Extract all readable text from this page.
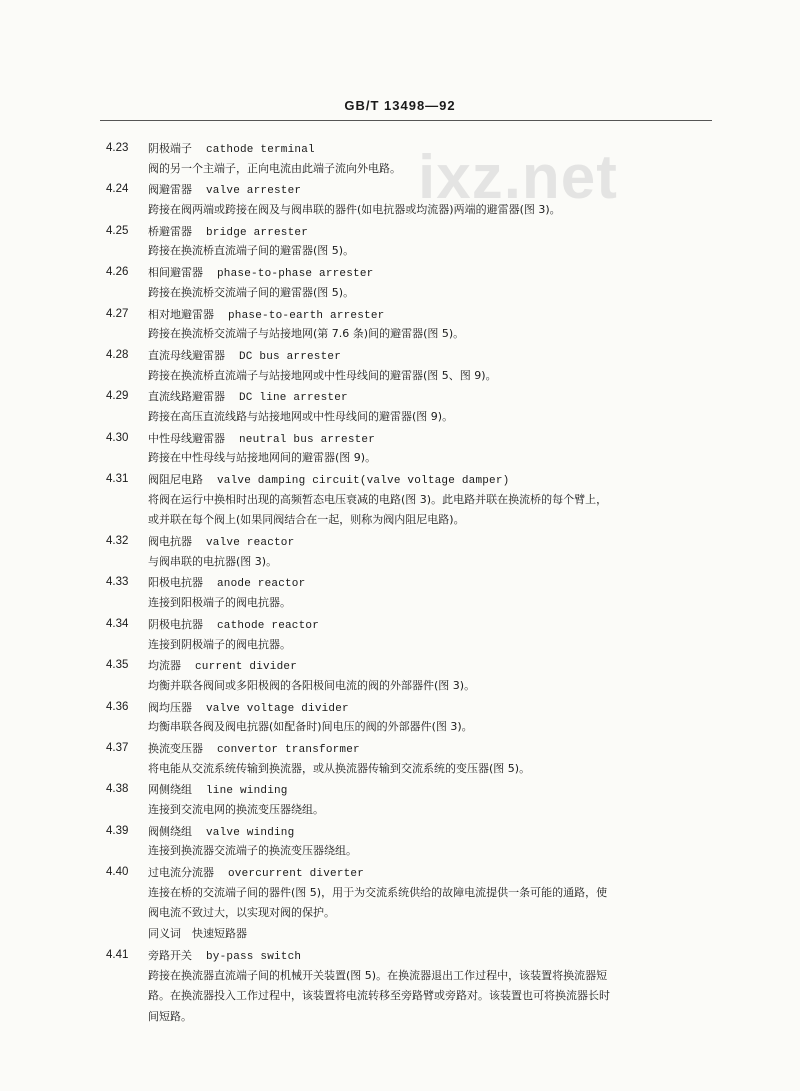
GB/T 13498—92
ixz.net
4.23 阴极端子 cathode terminal
阀的另一个主端子，正向电流由此端子流向外电路。
4.24 阀避雷器 valve arrester
跨接在阀两端或跨接在阀及与阀串联的器件(如电抗器或均流器)两端的避雷器(图 3)。
4.25 桥避雷器 bridge arrester
跨接在换流桥直流端子间的避雷器(图 5)。
4.26 相间避雷器 phase-to-phase arrester
跨接在换流桥交流端子间的避雷器(图 5)。
4.27 相对地避雷器 phase-to-earth arrester
跨接在换流桥交流端子与站接地网(第 7.6 条)间的避雷器(图 5)。
4.28 直流母线避雷器 DC bus arrester
跨接在换流桥直流端子与站接地网或中性母线间的避雷器(图 5、图 9)。
4.29 直流线路避雷器 DC line arrester
跨接在高压直流线路与站接地网或中性母线间的避雷器(图 9)。
4.30 中性母线避雷器 neutral bus arrester
跨接在中性母线与站接地网间的避雷器(图 9)。
4.31 阀阻尼电路 valve damping circuit(valve voltage damper)
将阀在运行中换相时出现的高频暂态电压衰减的电路(图 3)。此电路并联在换流桥的每个臂上，
或并联在每个阀上(如果同阀结合在一起，则称为阀内阻尼电路)。
4.32 阀电抗器 valve reactor
与阀串联的电抗器(图 3)。
4.33 阳极电抗器 anode reactor
连接到阳极端子的阀电抗器。
4.34 阴极电抗器 cathode reactor
连接到阴极端子的阀电抗器。
4.35 均流器 current divider
均衡并联各阀间或多阳极阀的各阳极间电流的阀的外部器件(图 3)。
4.36 阀均压器 valve voltage divider
均衡串联各阀及阀电抗器(如配备时)间电压的阀的外部器件(图 3)。
4.37 换流变压器 convertor transformer
将电能从交流系统传输到换流器，或从换流器传输到交流系统的变压器(图 5)。
4.38 网侧绕组 line winding
连接到交流电网的换流变压器绕组。
4.39 阀侧绕组 valve winding
连接到换流器交流端子的换流变压器绕组。
4.40 过电流分流器 overcurrent diverter
连接在桥的交流端子间的器件(图 5)，用于为交流系统供给的故障电流提供一条可能的通路，使
阀电流不致过大，以实现对阀的保护。
同义词　快速短路器
4.41 旁路开关 by-pass switch
跨接在换流器直流端子间的机械开关装置(图 5)。在换流器退出工作过程中，该装置将换流器短
路。在换流器投入工作过程中，该装置将电流转移至旁路臂或旁路对。该装置也可将换流器长时
间短路。
